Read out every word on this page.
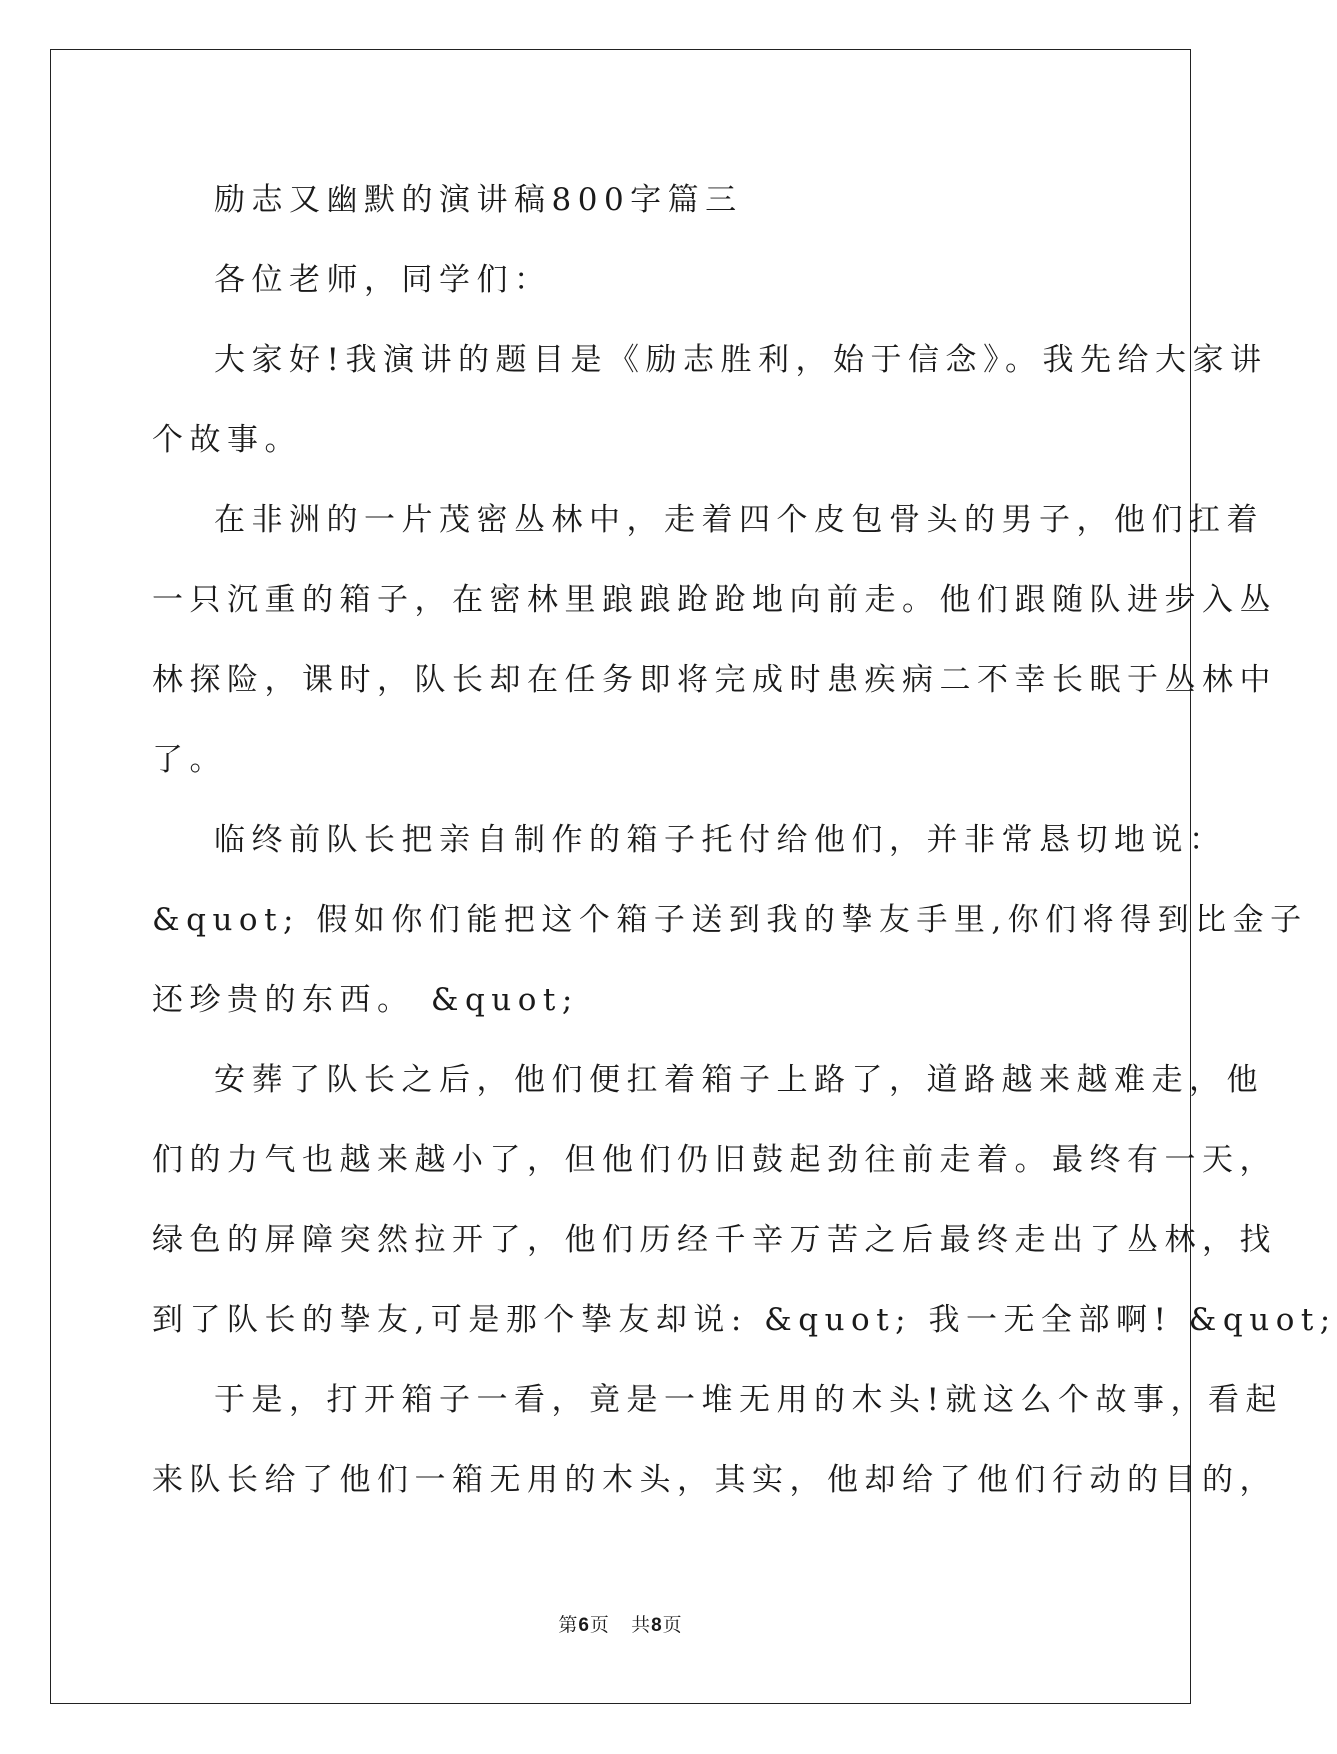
励志又幽默的演讲稿800字篇三

各位老师，同学们：

大家好!我演讲的题目是《励志胜利，始于信念》。我先给大家讲
个故事。

在非洲的一片茂密丛林中，走着四个皮包骨头的男子，他们扛着
一只沉重的箱子，在密林里踉踉跄跄地向前走。他们跟随队进步入丛
林探险，课时，队长却在任务即将完成时患疾病二不幸长眠于丛林中
了。

临终前队长把亲自制作的箱子托付给他们，并非常恳切地说：
&quot; 假如你们能把这个箱子送到我的挚友手里,你们将得到比金子
还珍贵的东西。 &quot;

安葬了队长之后，他们便扛着箱子上路了，道路越来越难走，他
们的力气也越来越小了，但他们仍旧鼓起劲往前走着。最终有一天，
绿色的屏障突然拉开了，他们历经千辛万苦之后最终走出了丛林，找
到了队长的挚友,可是那个挚友却说: &quot; 我一无全部啊! &quot;

于是，打开箱子一看，竟是一堆无用的木头!就这么个故事，看起
来队长给了他们一箱无用的木头，其实，他却给了他们行动的目的，

第6页 共8页
